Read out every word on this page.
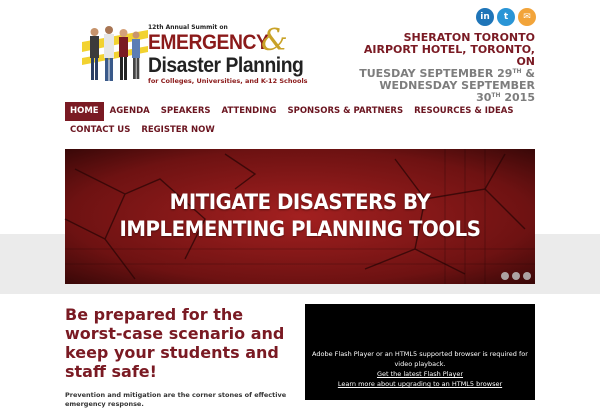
12th Annual Summit on
EMERGENCY
&
Disaster Planning
for Colleges, Universities, and K-12 Schools
in	t	✉
SHERATON TORONTO AIRPORT HOTEL, TORONTO, ON
TUESDAY SEPTEMBER 29TH & WEDNESDAY SEPTEMBER 30TH 2015
HOME	AGENDA	SPEAKERS	ATTENDING	SPONSORS & PARTNERS	RESOURCES & IDEAS
CONTACT US	REGISTER NOW
MITIGATE DISASTERS BY
IMPLEMENTING PLANNING TOOLS
Be prepared for the worst-case scenario and keep your students and staff safe!

Prevention and mitigation are the corner stones of effective emergency response.

Adobe Flash Player or an HTML5 supported browser is required for video playback.
Get the latest Flash Player
Learn more about upgrading to an HTML5 browser
